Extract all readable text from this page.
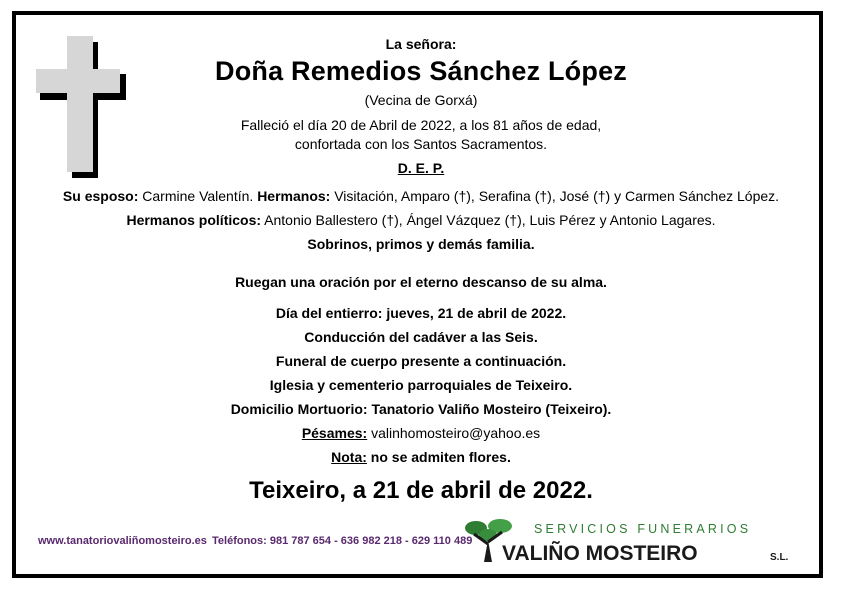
La señora:
Doña Remedios Sánchez López
(Vecina de Gorxá)
Falleció el día 20 de Abril de 2022, a los 81 años de edad,
confortada con los Santos Sacramentos.
D. E. P.
Su esposo: Carmine Valentín. Hermanos: Visitación, Amparo (†), Serafina (†), José (†) y Carmen Sánchez López.
Hermanos políticos: Antonio Ballestero (†), Ángel Vázquez (†), Luis Pérez y Antonio Lagares.
Sobrinos, primos y demás familia.
Ruegan una oración por el eterno descanso de su alma.
Día del entierro: jueves, 21 de abril de 2022.
Conducción del cadáver a las Seis.
Funeral de cuerpo presente a continuación.
Iglesia y cementerio parroquiales de Teixeiro.
Domicilio Mortuorio: Tanatorio Valiño Mosteiro (Teixeiro).
Pésames: valinhomosteiro@yahoo.es
Nota: no se admiten flores.
Teixeiro, a 21 de abril de 2022.
www.tanatoriovaliñomosteiro.es Teléfonos: 981 787 654 - 636 982 218 - 629 110 489
SERVICIOS FUNERARIOS
VALIÑO MOSTEIRO	S.L.
